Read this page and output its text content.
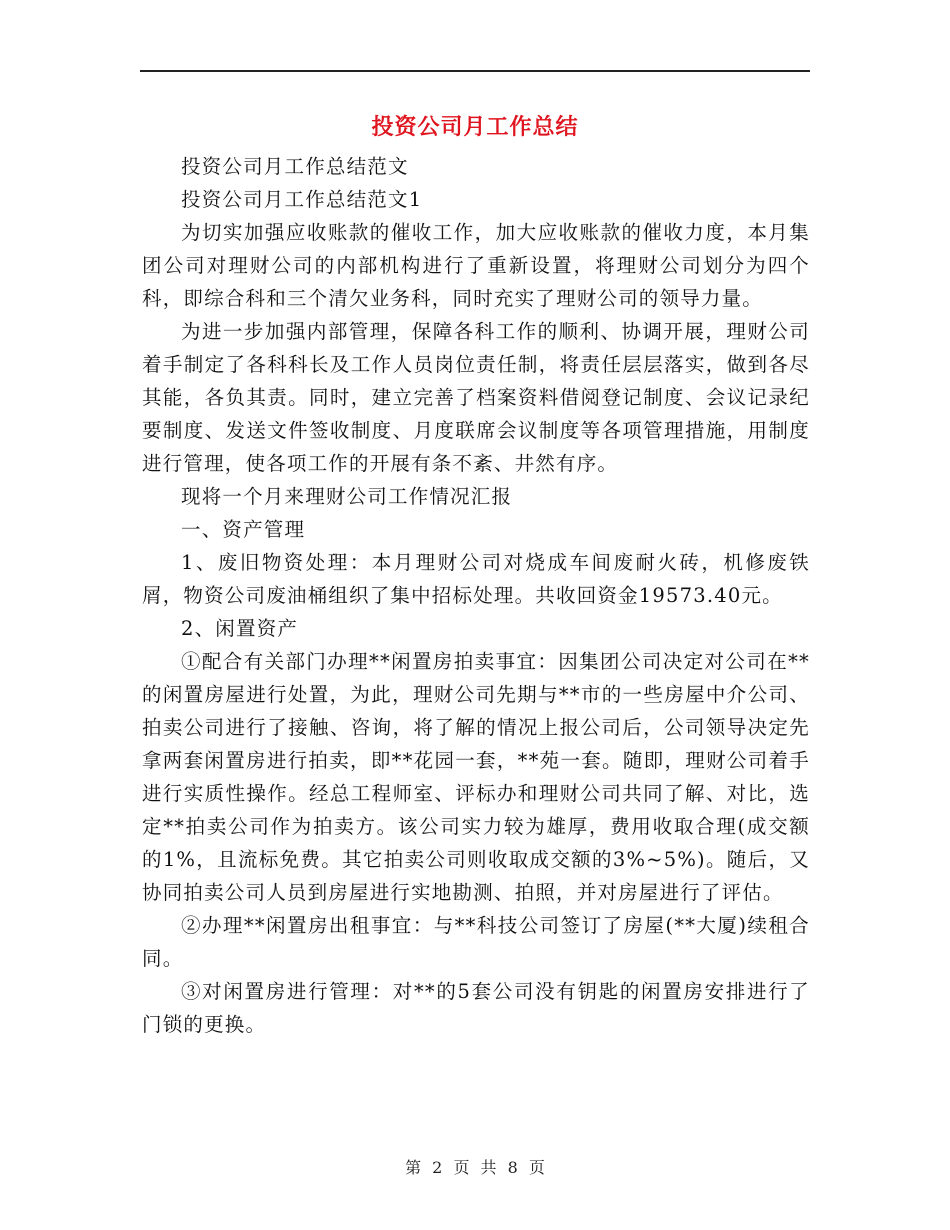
投资公司月工作总结

投资公司月工作总结范文

投资公司月工作总结范文1

为切实加强应收账款的催收工作，加大应收账款的催收力度，本月集团公司对理财公司的内部机构进行了重新设置，将理财公司划分为四个科，即综合科和三个清欠业务科，同时充实了理财公司的领导力量。

为进一步加强内部管理，保障各科工作的顺利、协调开展，理财公司着手制定了各科科长及工作人员岗位责任制，将责任层层落实，做到各尽其能，各负其责。同时，建立完善了档案资料借阅登记制度、会议记录纪要制度、发送文件签收制度、月度联席会议制度等各项管理措施，用制度进行管理，使各项工作的开展有条不紊、井然有序。

现将一个月来理财公司工作情况汇报

一、资产管理

1、废旧物资处理：本月理财公司对烧成车间废耐火砖，机修废铁屑，物资公司废油桶组织了集中招标处理。共收回资金19573.40元。

2、闲置资产

①配合有关部门办理**闲置房拍卖事宜：因集团公司决定对公司在**的闲置房屋进行处置，为此，理财公司先期与**市的一些房屋中介公司、拍卖公司进行了接触、咨询，将了解的情况上报公司后，公司领导决定先拿两套闲置房进行拍卖，即**花园一套，**苑一套。随即，理财公司着手进行实质性操作。经总工程师室、评标办和理财公司共同了解、对比，选定**拍卖公司作为拍卖方。该公司实力较为雄厚，费用收取合理(成交额的1%，且流标免费。其它拍卖公司则收取成交额的3%~5%)。随后，又协同拍卖公司人员到房屋进行实地勘测、拍照，并对房屋进行了评估。

②办理**闲置房出租事宜：与**科技公司签订了房屋(**大厦)续租合同。

③对闲置房进行管理：对**的5套公司没有钥匙的闲置房安排进行了门锁的更换。

第 2 页 共 8 页
